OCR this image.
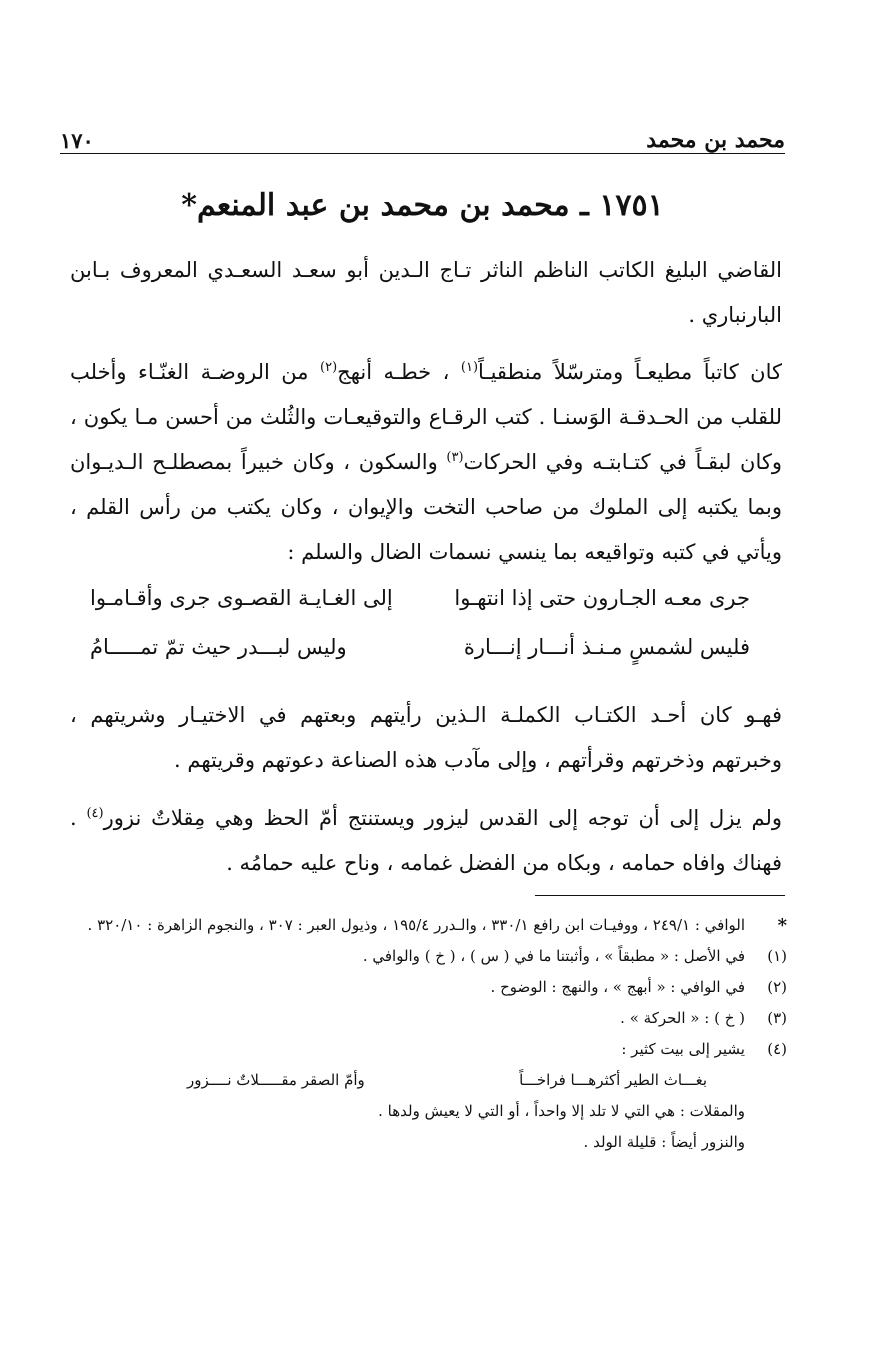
محمد بن محمد
١٧٠
١٧٥١ ـ محمد بن محمد بن عبد المنعم*

القاضي البليغ الكاتب الناظم الناثر تـاج الـدين أبو سعـد السعـدي المعروف بـابن البارنباري .

كان كاتباً مطيعـاً ومترسّلاً منطقيـاً$^{(١)}$ ، خطـه أنهج$^{(٢)}$ من الروضـة الغنّـاء وأخلب للقلب من الحـدقـة الوَسنـا . كتب الرقـاع والتوقيعـات والثُلث من أحسن مـا يكون ، وكان لبقـاً في كتـابتـه وفي الحركات$^{(٣)}$ والسكون ، وكان خبيراً بمصطلـح الـديـوان وبما يكتبه إلى الملوك من صاحب التخت والإيوان ، وكان يكتب من رأس القلم ، ويأتي في كتبه وتواقيعه بما ينسي نسمات الضال والسلم :

جرى معـه الجـارون حتى إذا انتهـوا
إلى الغـايـة القصـوى جرى وأقـامـوا
فليس لشمسٍ مـنـذ أنـــار إنـــارة
وليس لبـــدر حيث تمّ تمـــــامُ

فهـو كان أحـد الكتـاب الكملـة الـذين رأيتهم وبعتهم في الاختيـار وشريتهم ، وخبرتهم وذخرتهم وقرأتهم ، وإلى مآدب هذه الصناعة دعوتهم وقريتهم .

ولم يزل إلى أن توجه إلى القدس ليزور ويستنتج أمّ الحظ وهي مِقلاتٌ نزور$^{(٤)}$ . فهناك وافاه حمامه ، وبكاه من الفضل غمامه ، وناح عليه حمامُه .

*
الوافي : ٢٤٩/١ ، ووفيـات ابن رافع ٣٣٠/١ ، والـدرر ١٩٥/٤ ، وذيول العبر : ٣٠٧ ، والنجوم الزاهرة : ٣٢٠/١٠ .
(١)
في الأصل : « مطبقاً » ، وأثبتنا ما في ( س ) ، ( خ ) والوافي .
(٢)
في الوافي : « أبهج » ، والنهج : الوضوح .
(٣)
( خ ) : « الحركة » .
(٤)
يشير إلى بيت كثير :
بغـــاث الطير أكثرهـــا فراخـــاً
وأمّ الصقر مقـــــلاتٌ نــــزور
والمقلات : هي التي لا تلد إلا واحداً ، أو التي لا يعيش ولدها .
والنزور أيضاً : قليلة الولد .
